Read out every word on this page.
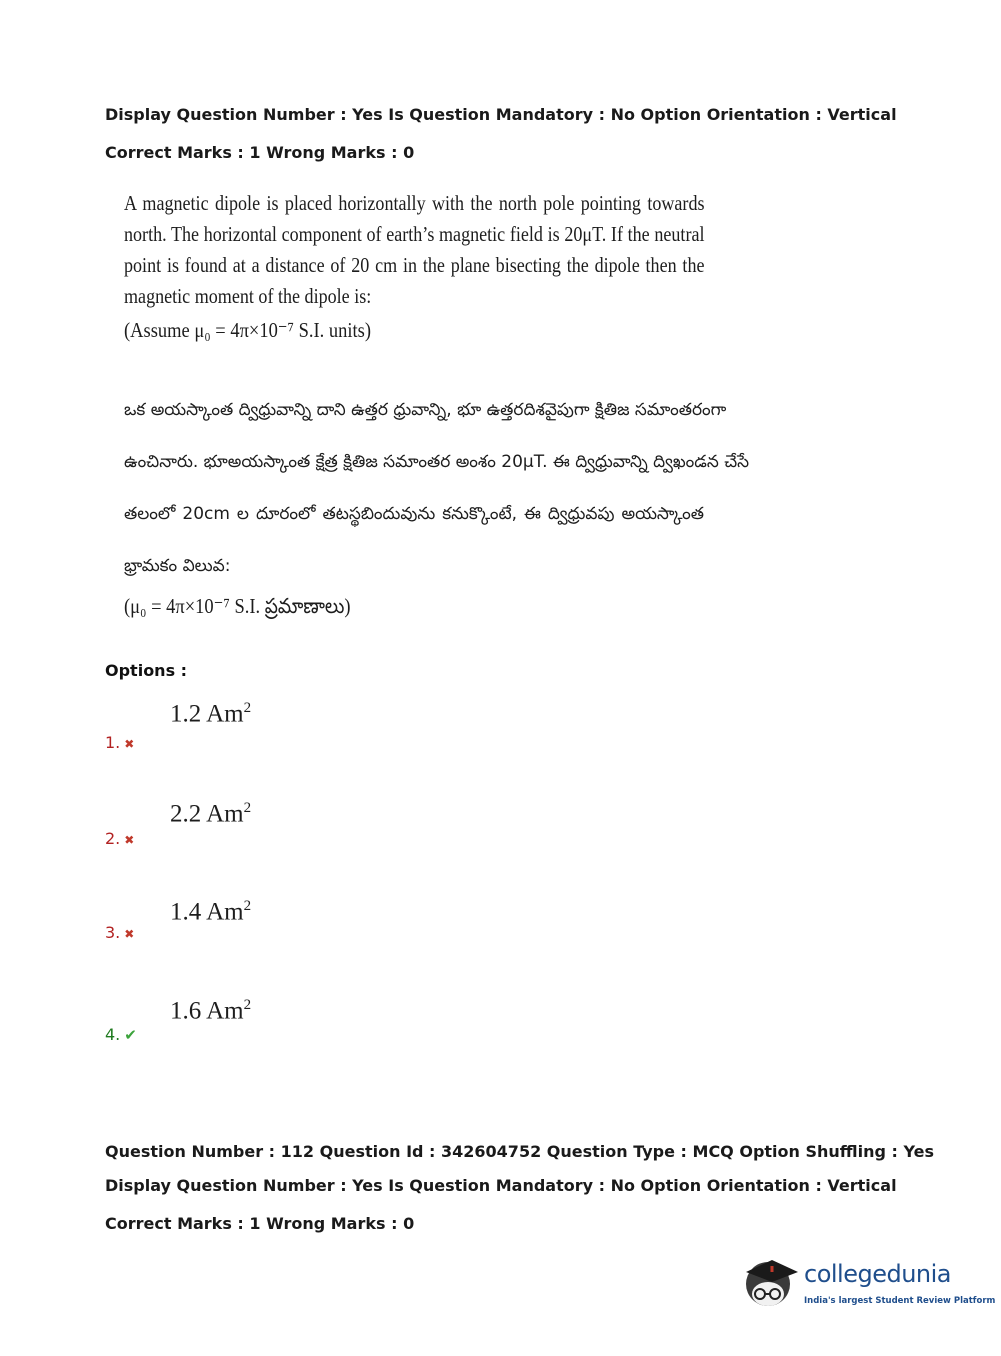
Display Question Number : Yes Is Question Mandatory : No Option Orientation : Vertical
Correct Marks : 1 Wrong Marks : 0

A magnetic dipole is placed horizontally with the north pole pointing towards north. The horizontal component of earth’s magnetic field is 20μT. If the neutral point is found at a distance of 20 cm in the plane bisecting the dipole then the magnetic moment of the dipole is:

(Assume μ₀ = 4π×10⁻⁷ S.I. units)
ఒక అయస్కాంత ద్విధ్రువాన్ని దాని ఉత్తర ధ్రువాన్ని, భూ ఉత్తరదిశవైపుగా క్షితిజ సమాంతరంగా
ఉంచినారు. భూఅయస్కాంత క్షేత్ర క్షితిజ సమాంతర అంశం 20μT. ఈ ద్విధ్రువాన్ని ద్విఖండన చేసే
తలంలో 20cm ల దూరంలో తటస్థబిందువును కనుక్కొంటే, ఈ ద్విధ్రువపు అయస్కాంత
భ్రామకం విలువ:
(μ₀ = 4π×10⁻⁷ S.I. ప్రమాణాలు)
Options :
1.2 Am$^2$
1. ✖
2.2 Am$^2$
2. ✖
1.4 Am$^2$
3. ✖
1.6 Am$^2$
4. ✔
Question Number : 112 Question Id : 342604752 Question Type : MCQ Option Shuffling : Yes
Display Question Number : Yes Is Question Mandatory : No Option Orientation : Vertical
Correct Marks : 1 Wrong Marks : 0
collegedunia
India's largest Student Review Platform
